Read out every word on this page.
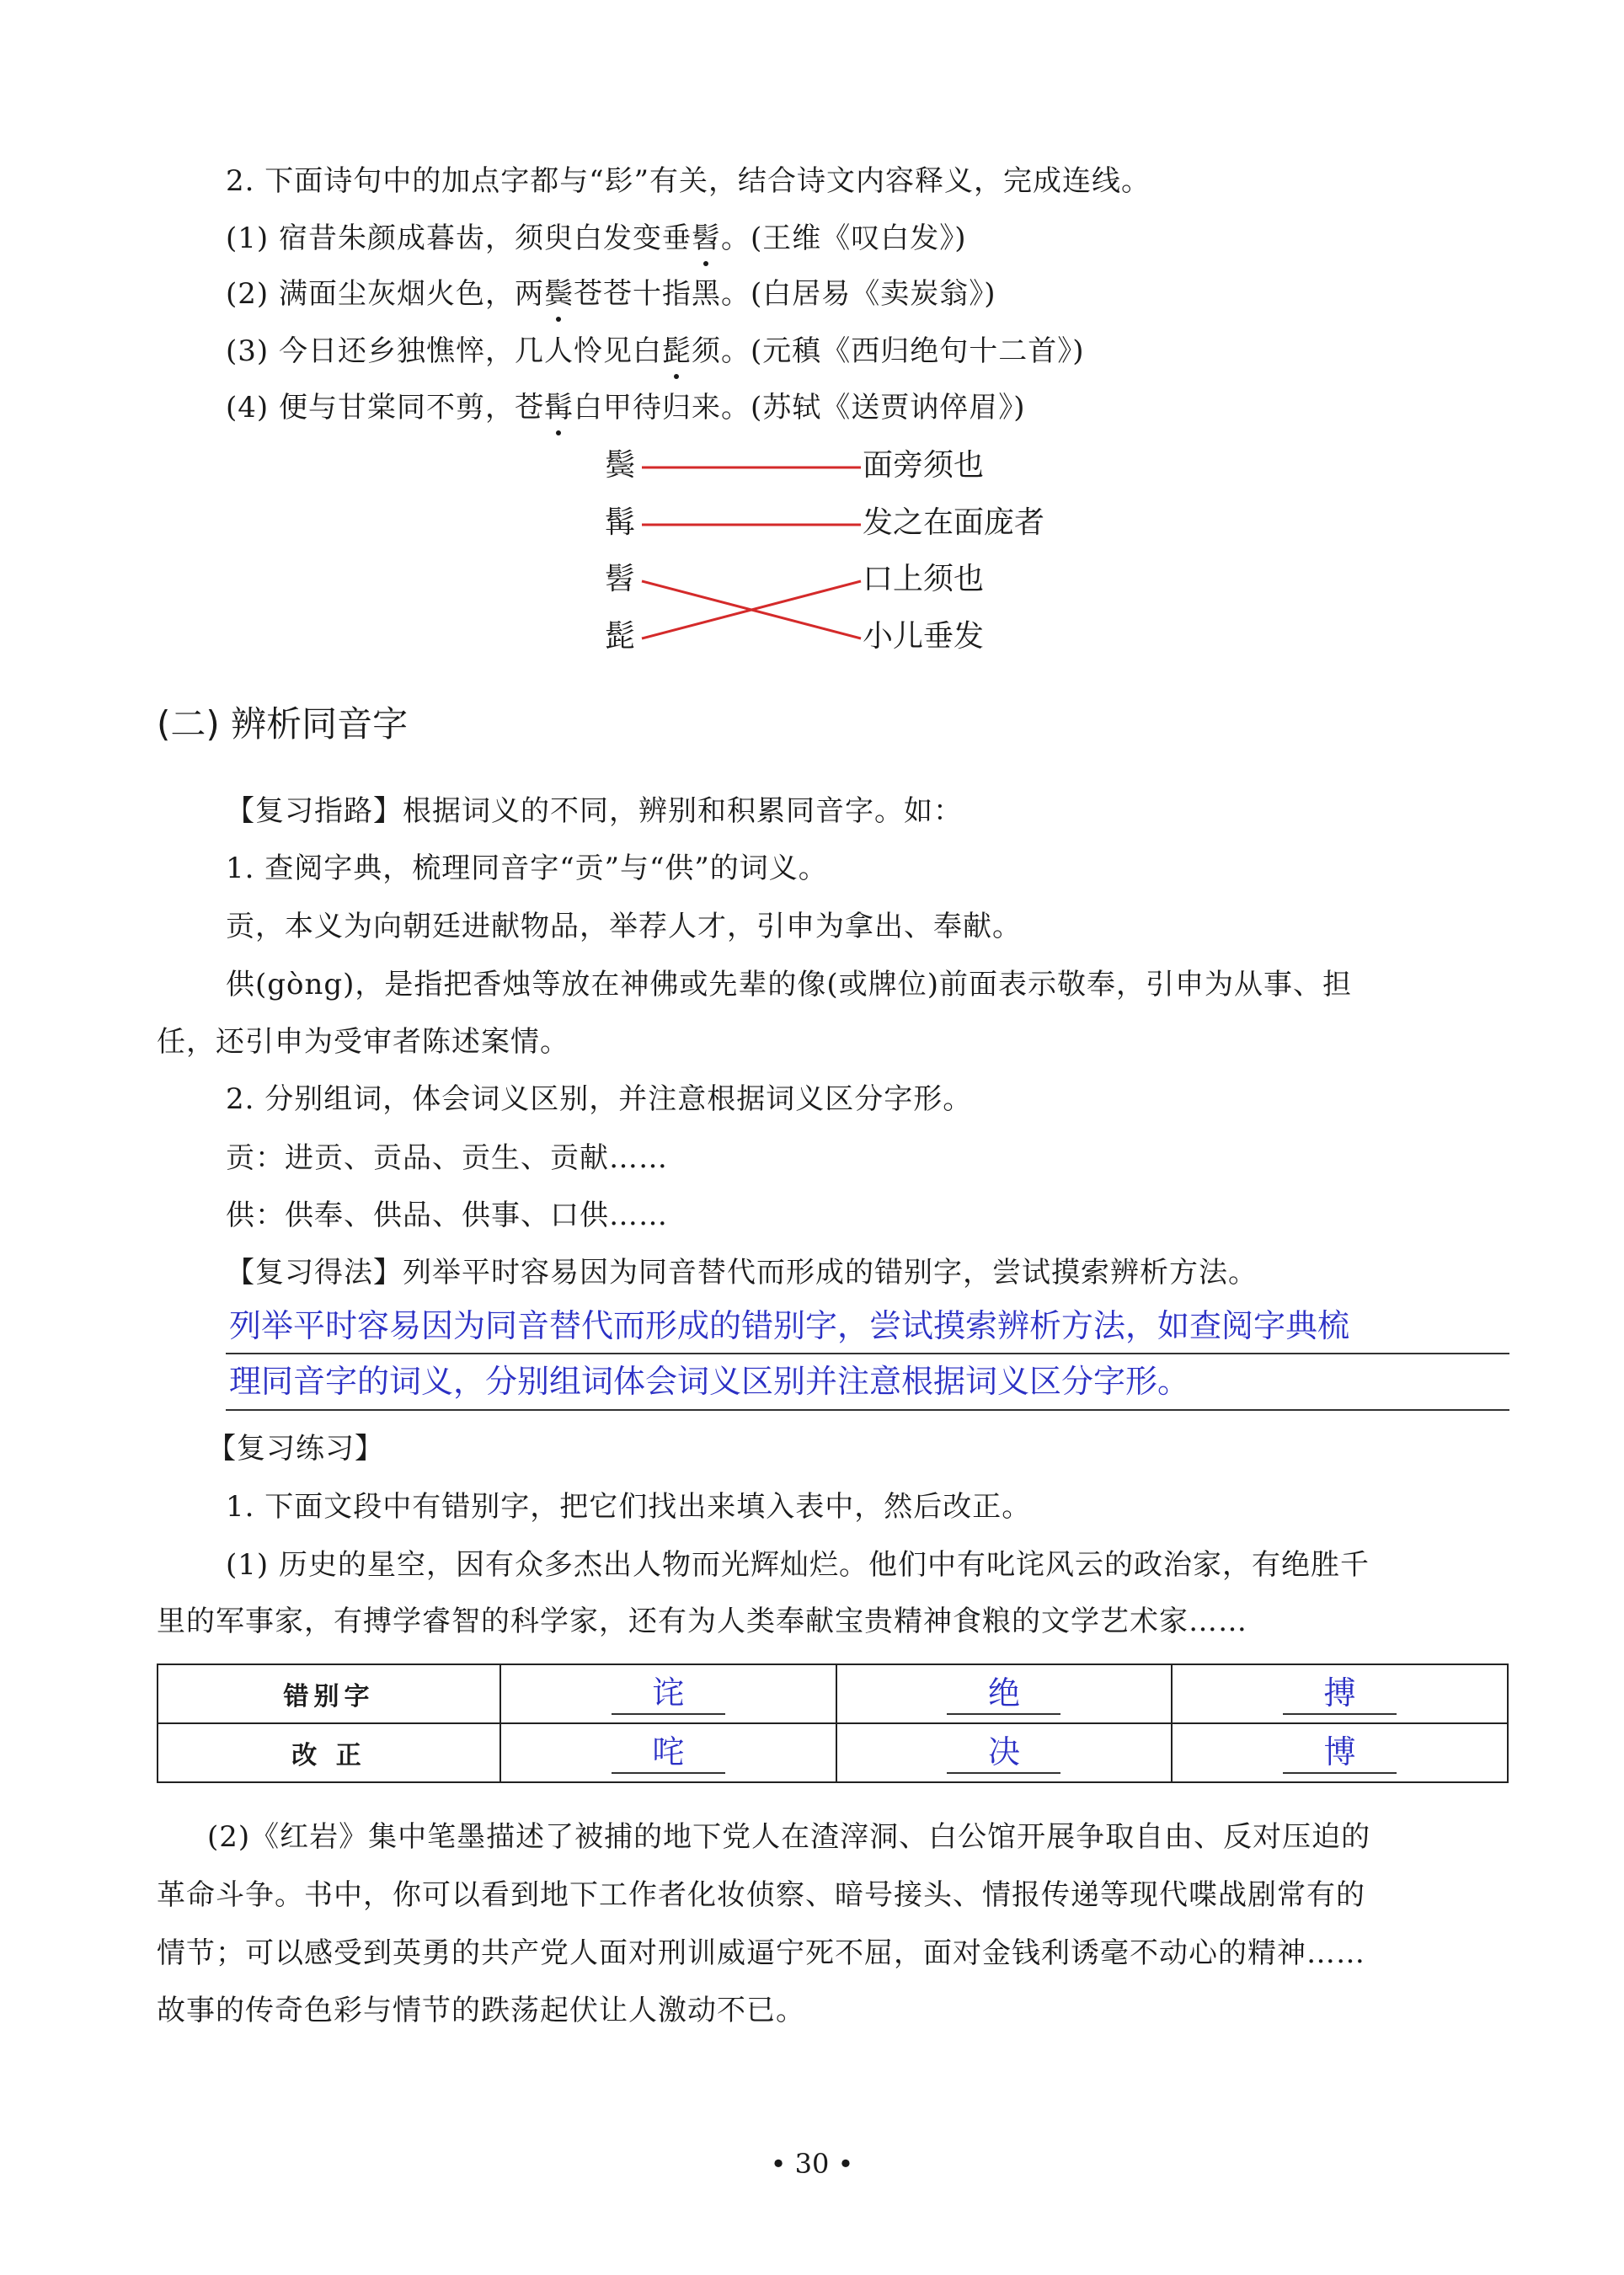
2. 下面诗句中的加点字都与“髟”有关，结合诗文内容释义，完成连线。
(1) 宿昔朱颜成暮齿，须臾白发变垂髫。(王维《叹白发》)
(2) 满面尘灰烟火色，两鬓苍苍十指黑。(白居易《卖炭翁》)
(3) 今日还乡独憔悴，几人怜见白髭须。(元稹《西归绝句十二首》)
(4) 便与甘棠同不剪，苍髯白甲待归来。(苏轼《送贾讷倅眉》)
鬓
髯
髫
髭
面旁须也
发之在面庞者
口上须也
小儿垂发
(二) 辨析同音字
【复习指路】根据词义的不同，辨别和积累同音字。如：
1. 查阅字典，梳理同音字“贡”与“供”的词义。
贡，本义为向朝廷进献物品，举荐人才，引申为拿出、奉献。
供(gòng)，是指把香烛等放在神佛或先辈的像(或牌位)前面表示敬奉，引申为从事、担
任，还引申为受审者陈述案情。
2. 分别组词，体会词义区别，并注意根据词义区分字形。
贡：进贡、贡品、贡生、贡献……
供：供奉、供品、供事、口供……
【复习得法】列举平时容易因为同音替代而形成的错别字，尝试摸索辨析方法。
列举平时容易因为同音替代而形成的错别字，尝试摸索辨析方法，如查阅字典梳
理同音字的词义，分别组词体会词义区别并注意根据词义区分字形。
【复习练习】
1. 下面文段中有错别字，把它们找出来填入表中，然后改正。
(1) 历史的星空，因有众多杰出人物而光辉灿烂。他们中有叱诧风云的政治家，有绝胜千
里的军事家，有搏学睿智的科学家，还有为人类奉献宝贵精神食粮的文学艺术家……
错别字	诧	绝	搏
改 正	咤	决	博
(2)《红岩》集中笔墨描述了被捕的地下党人在渣滓洞、白公馆开展争取自由、反对压迫的
革命斗争。书中，你可以看到地下工作者化妆侦察、暗号接头、情报传递等现代喋战剧常有的
情节；可以感受到英勇的共产党人面对刑训威逼宁死不屈，面对金钱利诱毫不动心的精神……
故事的传奇色彩与情节的跌荡起伏让人激动不已。
• 30 •
